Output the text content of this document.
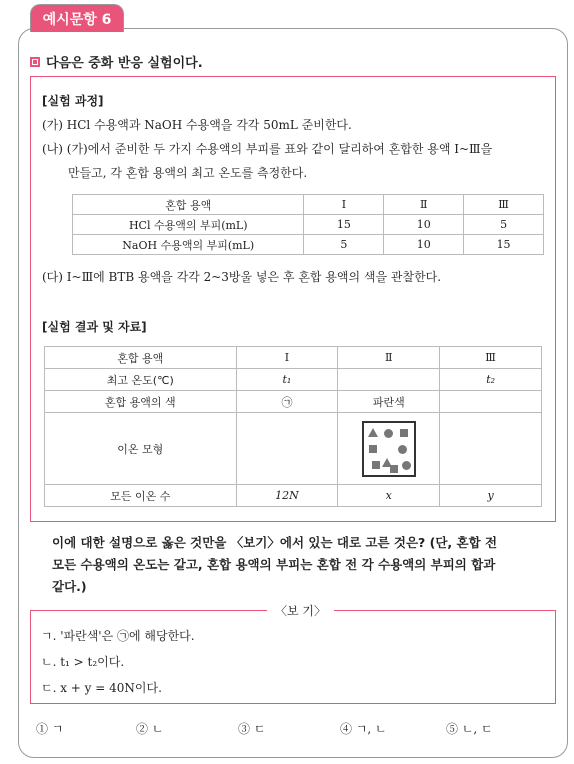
예시문항 6
다음은 중화 반응 실험이다.
[실험 과정]
(가) HCl 수용액과 NaOH 수용액을 각각 50mL 준비한다.
(나) (가)에서 준비한 두 가지 수용액의 부피를 표와 같이 달리하여 혼합한 용액 Ⅰ~Ⅲ을
만들고, 각 혼합 용액의 최고 온도를 측정한다.
혼합 용액	Ⅰ	Ⅱ	Ⅲ
HCl 수용액의 부피(mL)	15	10	5
NaOH 수용액의 부피(mL)	5	10	15
(다) Ⅰ~Ⅲ에 BTB 용액을 각각 2~3방울 넣은 후 혼합 용액의 색을 관찰한다.
[실험 결과 및 자료]
혼합 용액	Ⅰ	Ⅱ	Ⅲ
최고 온도(℃)	t₁		t₂
혼합 용액의 색	㉠	파란색	
이온 모형		

모든 이온 수	12N	x	y
이에 대한 설명으로 옳은 것만을 〈보기〉에서 있는 대로 고른 것은? (단, 혼합 전
모든 수용액의 온도는 같고, 혼합 용액의 부피는 혼합 전 각 수용액의 부피의 합과
같다.)
〈보 기〉
ㄱ. '파란색'은 ㉠에 해당한다.
ㄴ. t₁ > t₂이다.
ㄷ. x + y = 40N이다.
① ㄱ	② ㄴ	③ ㄷ	④ ㄱ, ㄴ	⑤ ㄴ, ㄷ
